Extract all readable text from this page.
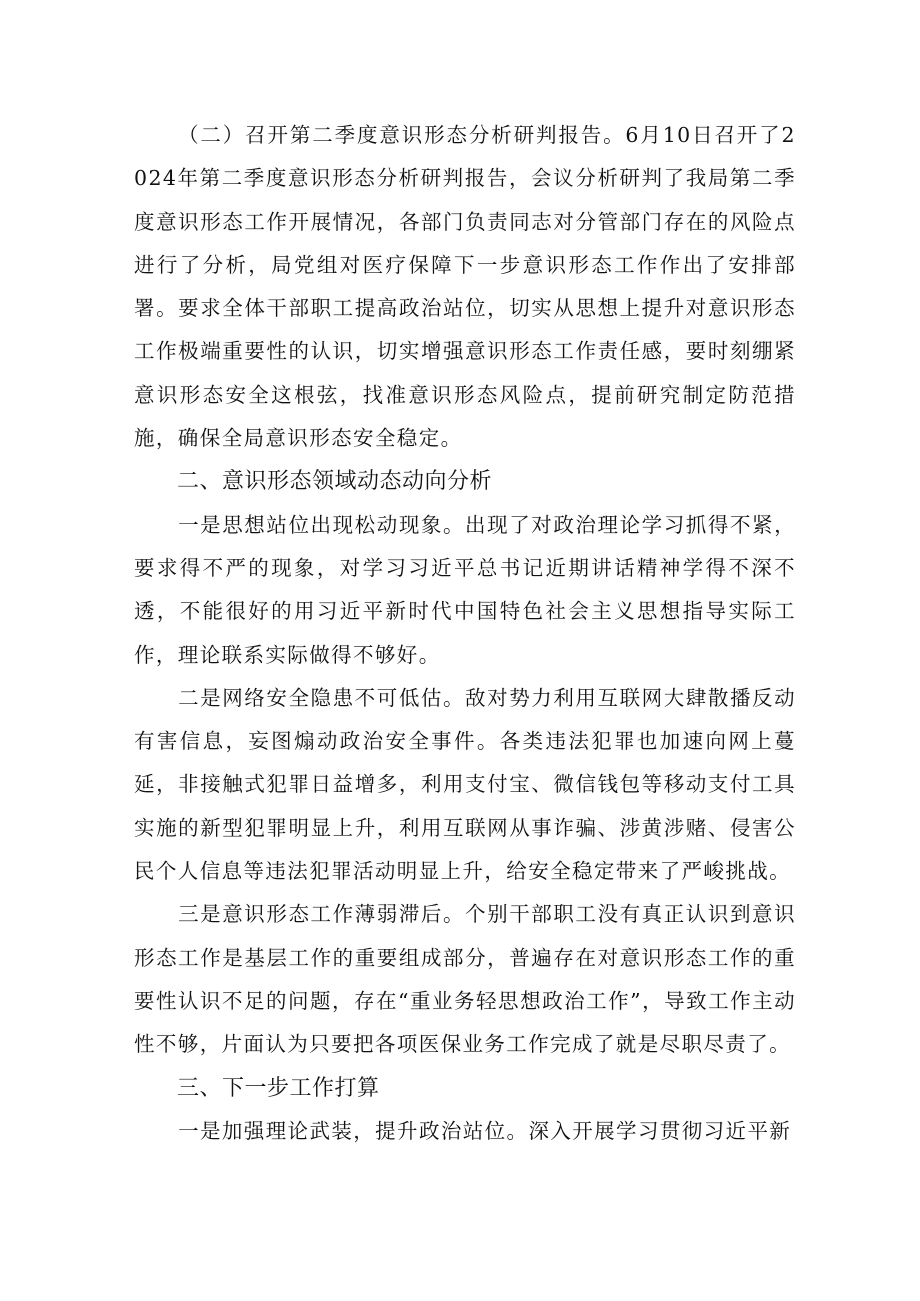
（二）召开第二季度意识形态分析研判报告。6月10日召开了2024年第二季度意识形态分析研判报告，会议分析研判了我局第二季度意识形态工作开展情况，各部门负责同志对分管部门存在的风险点进行了分析，局党组对医疗保障下一步意识形态工作作出了安排部署。要求全体干部职工提高政治站位，切实从思想上提升对意识形态工作极端重要性的认识，切实增强意识形态工作责任感，要时刻绷紧意识形态安全这根弦，找准意识形态风险点，提前研究制定防范措施，确保全局意识形态安全稳定。

二、意识形态领域动态动向分析

一是思想站位出现松动现象。出现了对政治理论学习抓得不紧，要求得不严的现象，对学习习近平总书记近期讲话精神学得不深不透，不能很好的用习近平新时代中国特色社会主义思想指导实际工作，理论联系实际做得不够好。

二是网络安全隐患不可低估。敌对势力利用互联网大肆散播反动有害信息，妄图煽动政治安全事件。各类违法犯罪也加速向网上蔓延，非接触式犯罪日益增多，利用支付宝、微信钱包等移动支付工具实施的新型犯罪明显上升，利用互联网从事诈骗、涉黄涉赌、侵害公民个人信息等违法犯罪活动明显上升，给安全稳定带来了严峻挑战。

三是意识形态工作薄弱滞后。个别干部职工没有真正认识到意识形态工作是基层工作的重要组成部分，普遍存在对意识形态工作的重要性认识不足的问题，存在“重业务轻思想政治工作”，导致工作主动性不够，片面认为只要把各项医保业务工作完成了就是尽职尽责了。

三、下一步工作打算

一是加强理论武装，提升政治站位。深入开展学习贯彻习近平新
